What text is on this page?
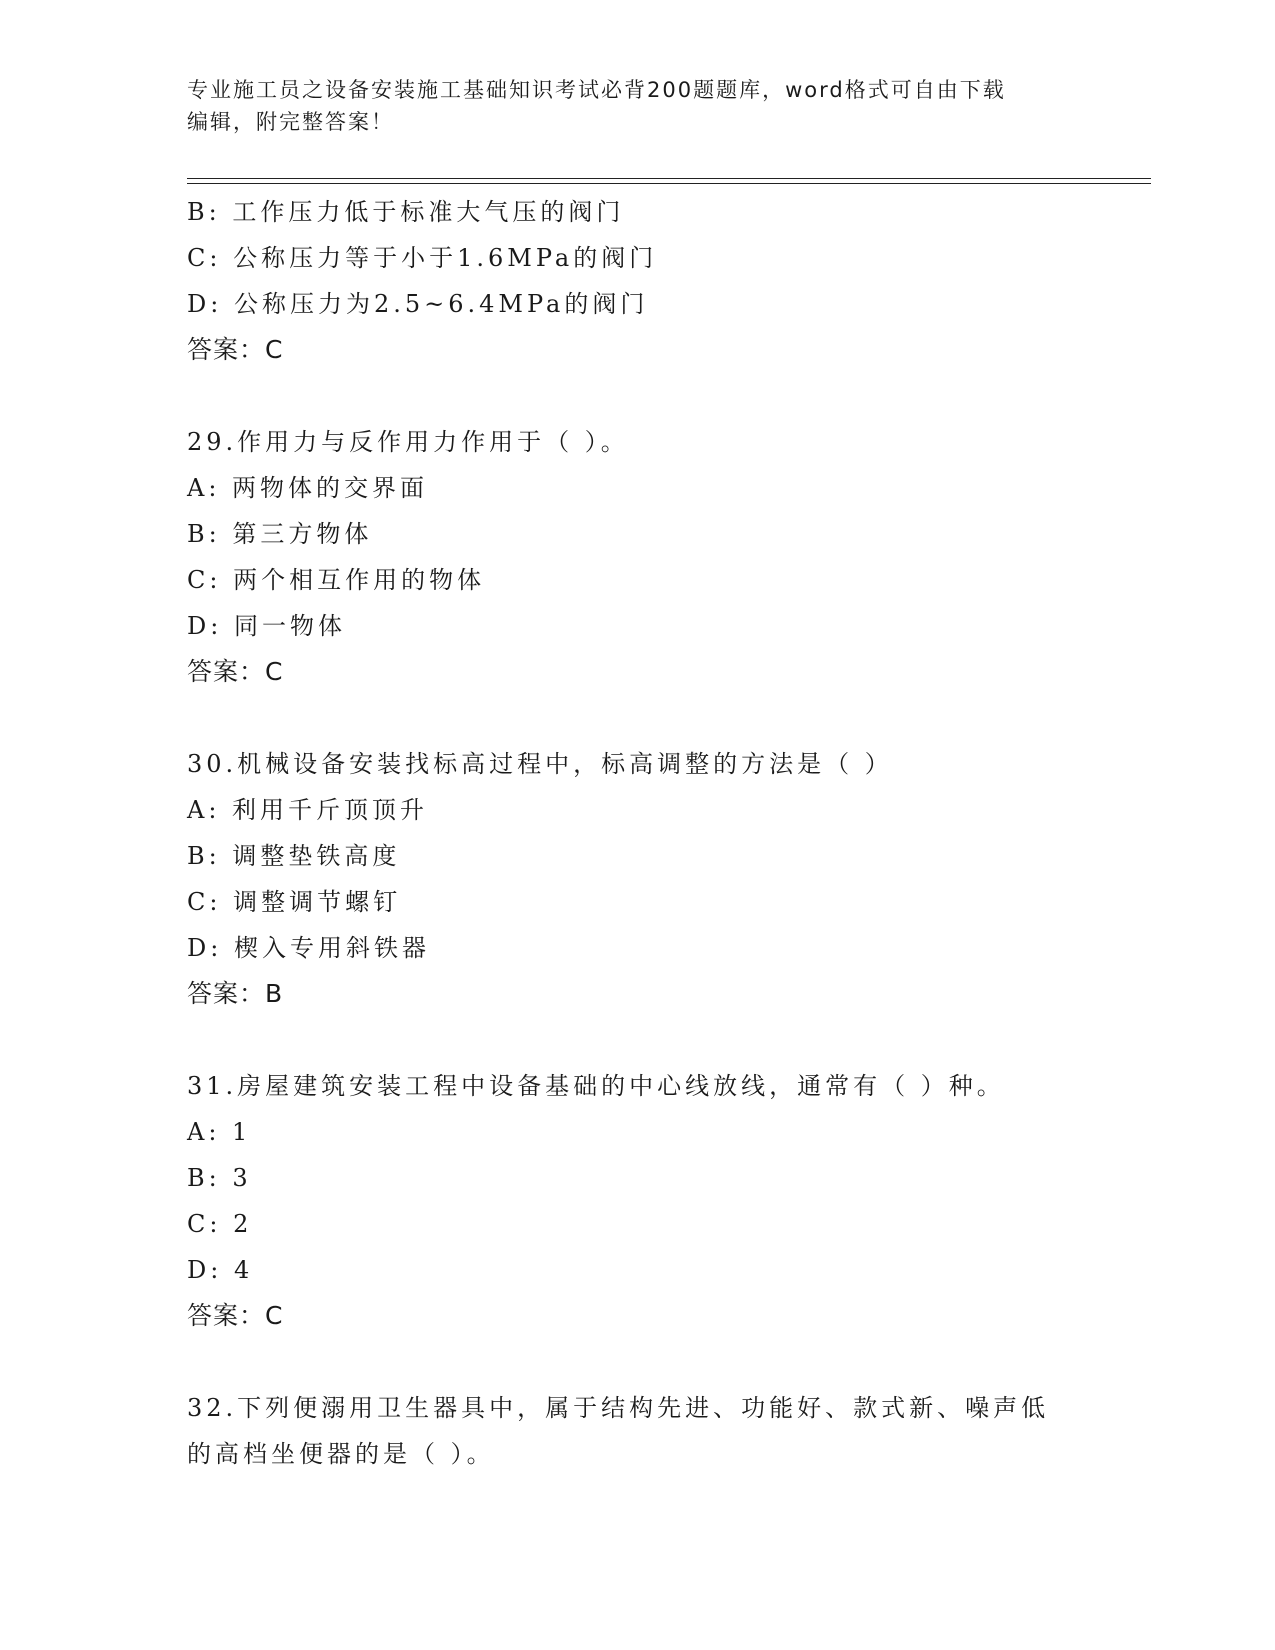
专业施工员之设备安装施工基础知识考试必背200题题库，word格式可自由下载
编辑，附完整答案！
B: 工作压力低于标准大气压的阀门
C: 公称压力等于小于1.6MPa的阀门
D: 公称压力为2.5~6.4MPa的阀门
答案：C
29.作用力与反作用力作用于（ ）。
A: 两物体的交界面
B: 第三方物体
C: 两个相互作用的物体
D: 同一物体
答案：C
30.机械设备安装找标高过程中，标高调整的方法是（ ）
A: 利用千斤顶顶升
B: 调整垫铁高度
C: 调整调节螺钉
D: 楔入专用斜铁器
答案：B
31.房屋建筑安装工程中设备基础的中心线放线，通常有（ ）种。
A: 1
B: 3
C: 2
D: 4
答案：C
32.下列便溺用卫生器具中，属于结构先进、功能好、款式新、噪声低
的高档坐便器的是（ ）。
